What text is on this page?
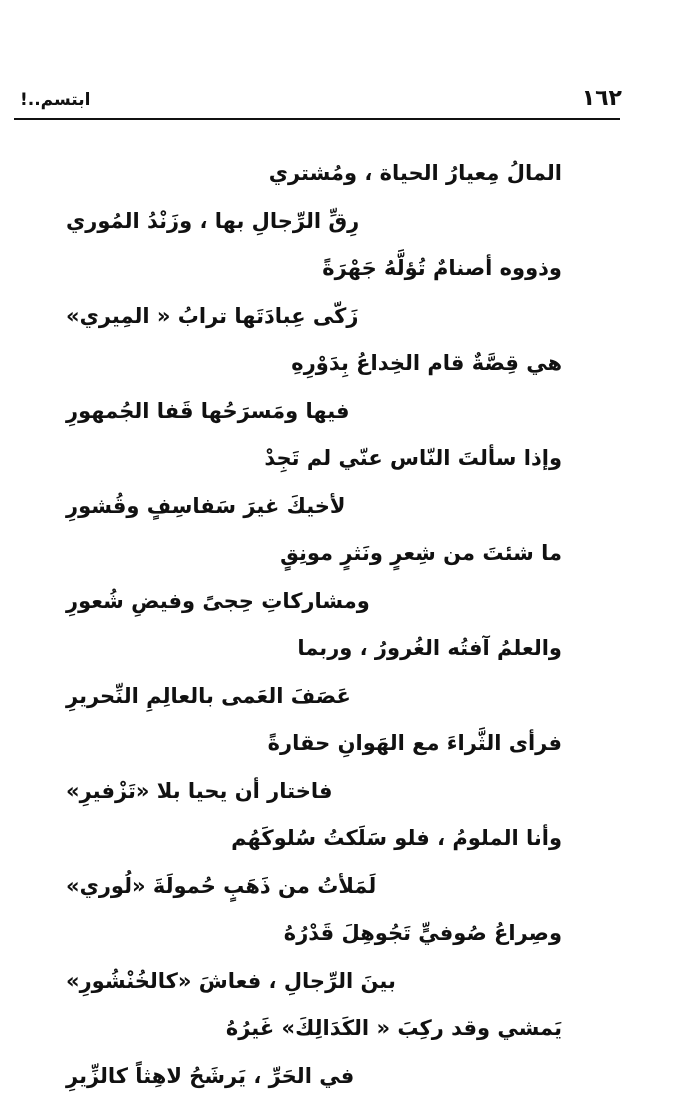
١٦٢
ابتسم..!
المالُ مِعيارُ الحياة ، ومُشتري
رِقِّ الرِّجالِ بها ، وزَنْدُ المُوري
وذووه أصنامٌ تُؤلَّهُ جَهْرَةً
زَكّى عِبادَتَها ترابُ « المِيري»
هي قِصَّةٌ قام الخِداعُ بِدَوْرِهِ
فيها ومَسرَحُها قَفا الجُمهورِ
وإذا سألتَ النّاس عنّي لم تَجِدْ
لأخيكَ غيرَ سَفاسِفٍ وقُشورِ
ما شئتَ من شِعرٍ ونَثرٍ مونِقٍ
ومشاركاتِ حِجىً وفيضِ شُعورِ
والعلمُ آفتُه الغُرورُ ، وربما
عَصَفَ العَمى بالعالِمِ النِّحريرِ
فرأى الثَّراءَ مع الهَوانِ حقارةً
فاختار أن يحيا بلا «تَزْفيرِ»
وأنا الملومُ ، فلو سَلَكتُ سُلوكَهُم
لَمَلأتُ من ذَهَبٍ حُمولَةَ «لُوري»
وصِراعُ صُوفيٍّ تَجُوهِلَ قَدْرُهُ
بينَ الرِّجالِ ، فعاشَ «كالخُنْشُورِ»
يَمشي وقد ركِبَ « الكَدَالِكَ» غَيرُهُ
في الحَرِّ ، يَرشَحُ لاهِثاً كالزِّيرِ
